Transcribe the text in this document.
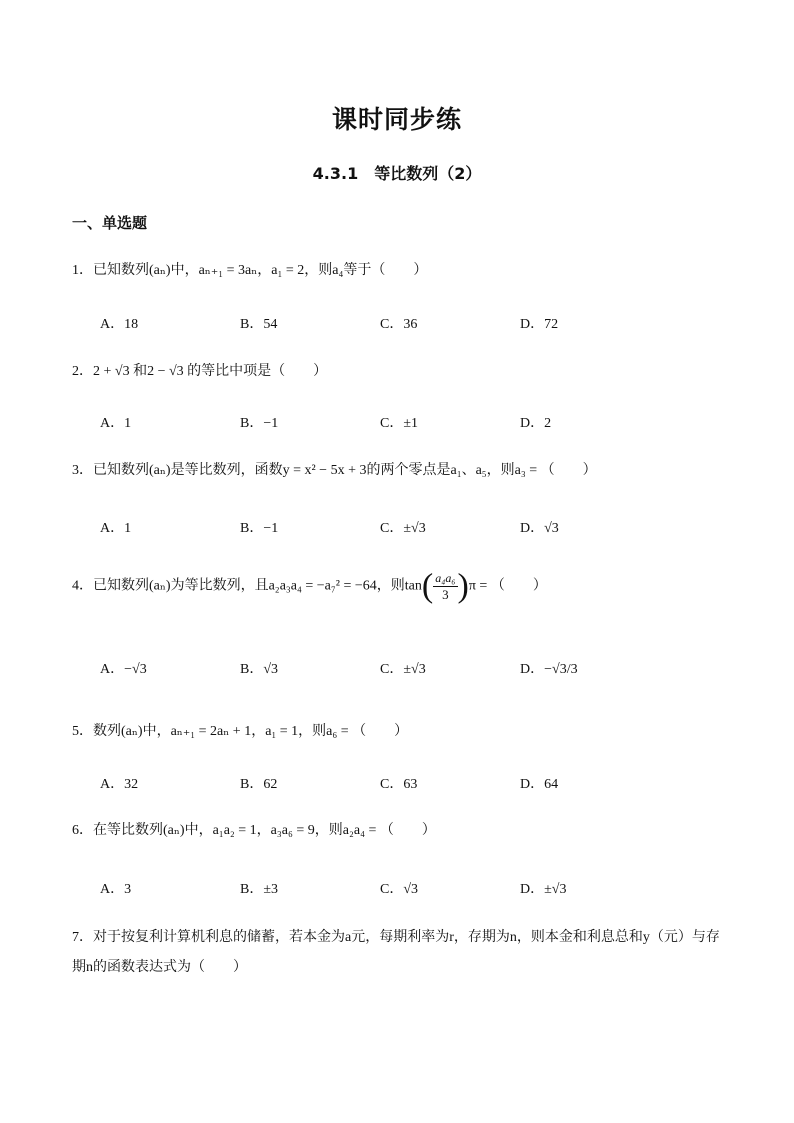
课时同步练
4.3.1　等比数列（2）
一、单选题
1．已知数列(aₙ)中，aₙ₊₁ = 3aₙ，a₁ = 2，则a₄等于（　　）
A．18	B．54	C．36	D．72
2．2 + √3 和2 − √3 的等比中项是（　　）
A．1	B．−1	C．±1	D．2
3．已知数列(aₙ)是等比数列，函数y = x² − 5x + 3的两个零点是a₁、a₅，则a₃ = （　　）
A．1	B．−1	C．±√3	D．√3
4．已知数列(aₙ)为等比数列，且a₂a₃a₄ = −a₇² = −64，则$\tan( \frac{\text{a₄a₆}}{3} )\pi$ = （　　）
A．−√3	B．√3	C．±√3	D．−√3/3
5．数列(aₙ)中，aₙ₊₁ = 2aₙ + 1，a₁ = 1，则a₆ = （　　）
A．32	B．62	C．63	D．64
6．在等比数列(aₙ)中，a₁a₂ = 1，a₃a₆ = 9，则a₂a₄ = （　　）
A．3	B．±3	C．√3	D．±√3
7．对于按复利计算机利息的储蓄，若本金为a元，每期利率为r，存期为n，则本金和利息总和y（元）与存期n的函数表达式为（　　）
